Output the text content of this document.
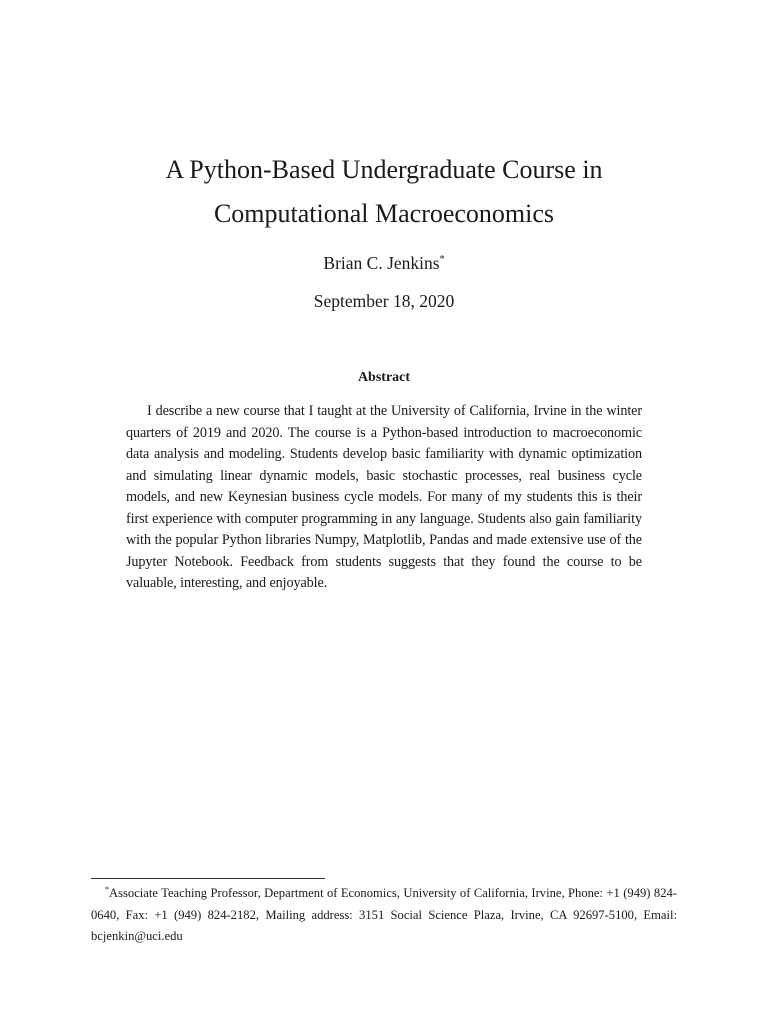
A Python-Based Undergraduate Course in
Computational Macroeconomics
Brian C. Jenkins*
September 18, 2020
Abstract

I describe a new course that I taught at the University of California, Irvine in the winter quarters of 2019 and 2020. The course is a Python-based introduction to macroeconomic data analysis and modeling. Students develop basic familiarity with dynamic optimization and simulating linear dynamic models, basic stochastic processes, real business cycle models, and new Keynesian business cycle models. For many of my students this is their first experience with computer programming in any language. Students also gain familiarity with the popular Python libraries Numpy, Matplotlib, Pandas and made extensive use of the Jupyter Notebook. Feedback from students suggests that they found the course to be valuable, interesting, and enjoyable.

*Associate Teaching Professor, Department of Economics, University of California, Irvine, Phone: +1 (949) 824-0640, Fax: +1 (949) 824-2182, Mailing address: 3151 Social Science Plaza, Irvine, CA 92697-5100, Email: bcjenkin@uci.edu
